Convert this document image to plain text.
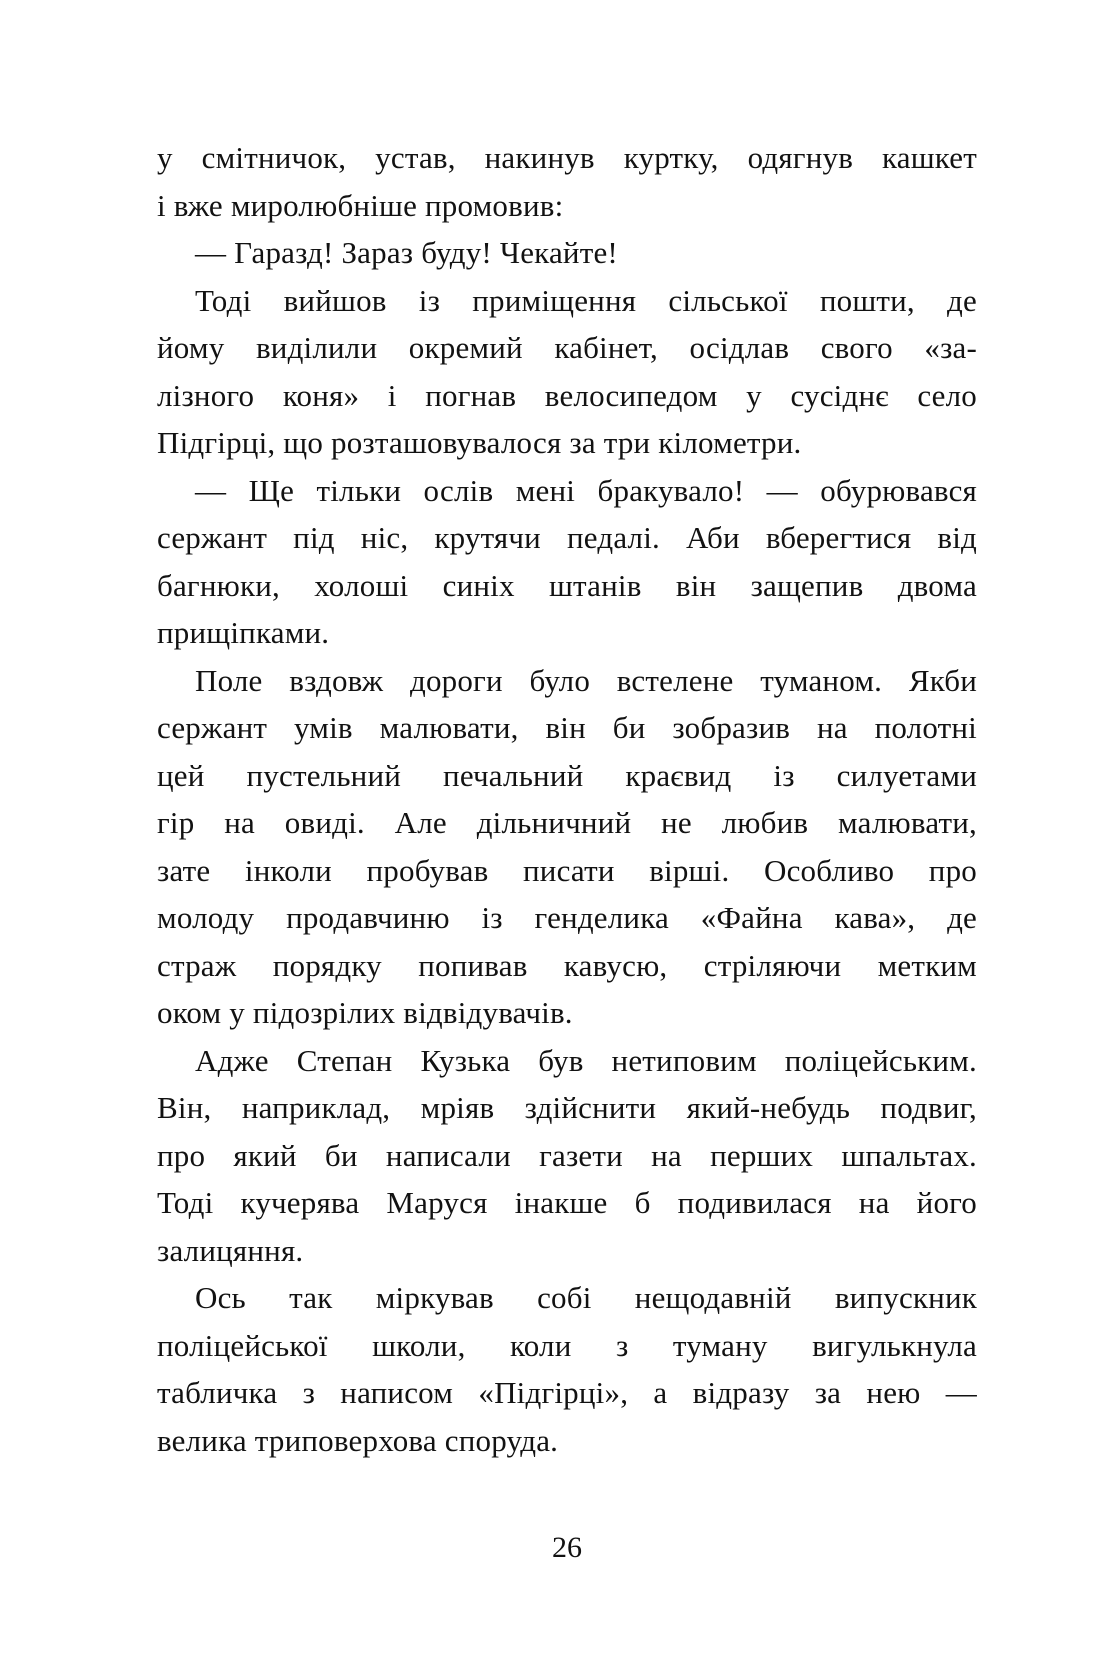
у смітничок, устав, накинув куртку, одягнув кашкет
і вже миролюбніше промовив:

— Гаразд! Зараз буду! Чекайте!

Тоді вийшов із приміщення сільської пошти, де
йому виділили окремий кабінет, осідлав свого «за-
лізного коня» і погнав велосипедом у сусіднє село
Підгірці, що розташовувалося за три кілометри.

— Ще тільки ослів мені бракувало! — обурювався
сержант під ніс, крутячи педалі. Аби вберегтися від
багнюки, холоші синіх штанів він защепив двома
прищіпками.

Поле вздовж дороги було встелене туманом. Якби
сержант умів малювати, він би зобразив на полотні
цей пустельний печальний краєвид із силуетами
гір на овиді. Але дільничний не любив малювати,
зате інколи пробував писати вірші. Особливо про
молоду продавчиню із генделика «Файна кава», де
страж порядку попивав кавусю, стріляючи метким
оком у підозрілих відвідувачів.

Адже Степан Кузька був нетиповим поліцейським.
Він, наприклад, мріяв здійснити який-небудь подвиг,
про який би написали газети на перших шпальтах.
Тоді кучерява Маруся інакше б подивилася на його
залицяння.

Ось так міркував собі нещодавній випускник
поліцейської школи, коли з туману вигулькнула
табличка з написом «Підгірці», а відразу за нею —
велика триповерхова споруда.

26
